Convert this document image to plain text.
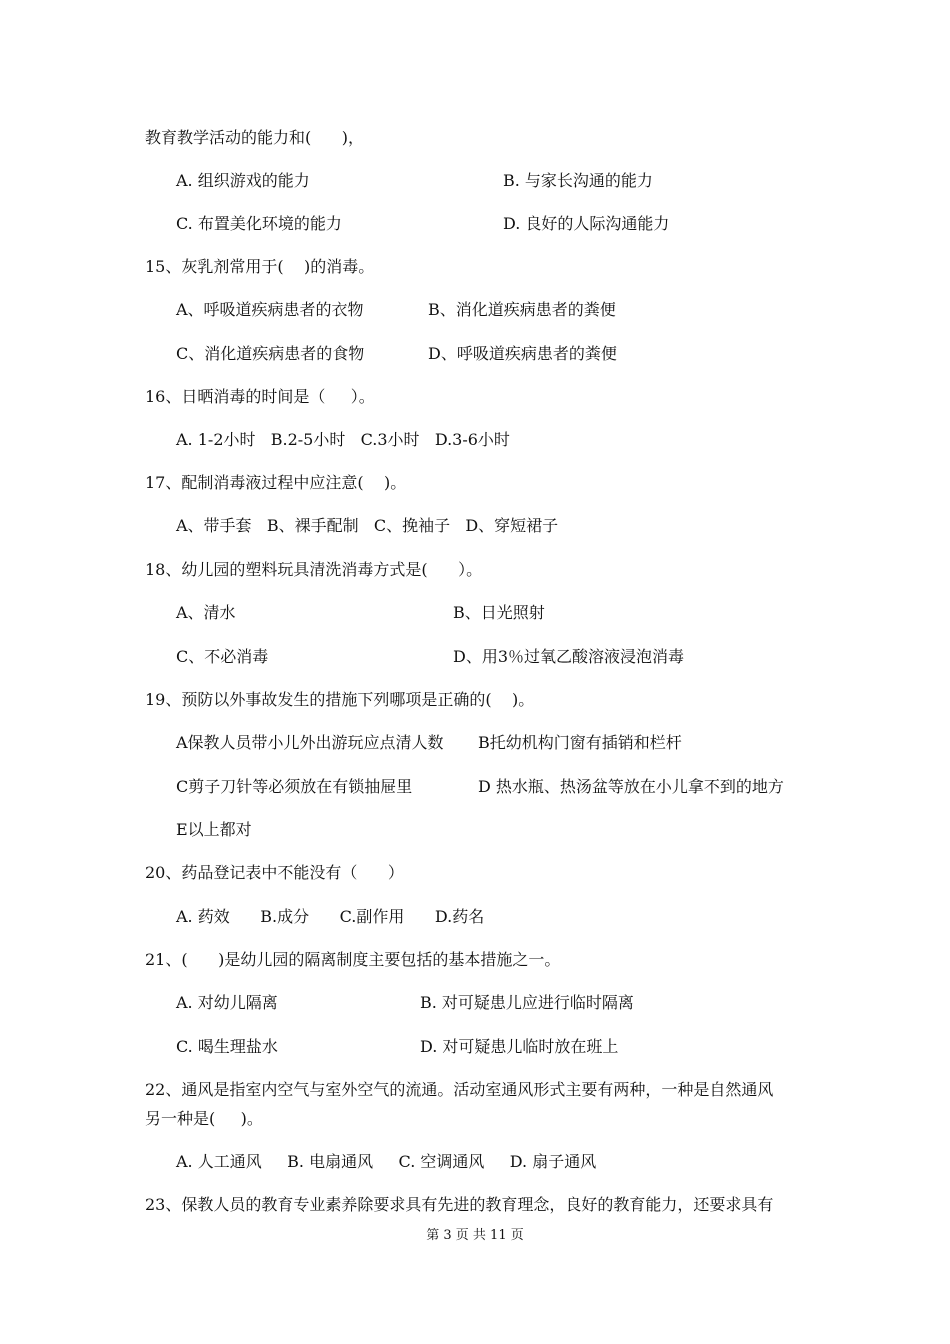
教育教学活动的能力和(      )，
A. 组织游戏的能力	B. 与家长沟通的能力
C. 布置美化环境的能力	D. 良好的人际沟通能力
15、灰乳剂常用于(    )的消毒。
A、呼吸道疾病患者的衣物	B、消化道疾病患者的粪便
C、消化道疾病患者的食物	D、呼吸道疾病患者的粪便
16、日晒消毒的时间是（     ）。
A. 1-2小时   B.2-5小时   C.3小时   D.3-6小时
17、配制消毒液过程中应注意(    )。
A、带手套   B、裸手配制   C、挽袖子   D、穿短裙子
18、幼儿园的塑料玩具清洗消毒方式是(      ）。
A、清水	B、日光照射
C、不必消毒	D、用3％过氧乙酸溶液浸泡消毒
19、预防以外事故发生的措施下列哪项是正确的(    )。
A保教人员带小儿外出游玩应点清人数 B托幼机构门窗有插销和栏杆
C剪子刀针等必须放在有锁抽屉里	D 热水瓶、热汤盆等放在小儿拿不到的地方
E以上都对
20、药品登记表中不能没有（      ）
A. 药效      B.成分      C.副作用      D.药名
21、(      )是幼儿园的隔离制度主要包括的基本措施之一。
A. 对幼儿隔离	B. 对可疑患儿应进行临时隔离
C. 喝生理盐水	D. 对可疑患儿临时放在班上
22、通风是指室内空气与室外空气的流通。活动室通风形式主要有两种，一种是自然通风
另一种是(     )。
A. 人工通风     B. 电扇通风     C. 空调通风     D. 扇子通风
23、保教人员的教育专业素养除要求具有先进的教育理念，良好的教育能力，还要求具有
第 3 页 共 11 页
